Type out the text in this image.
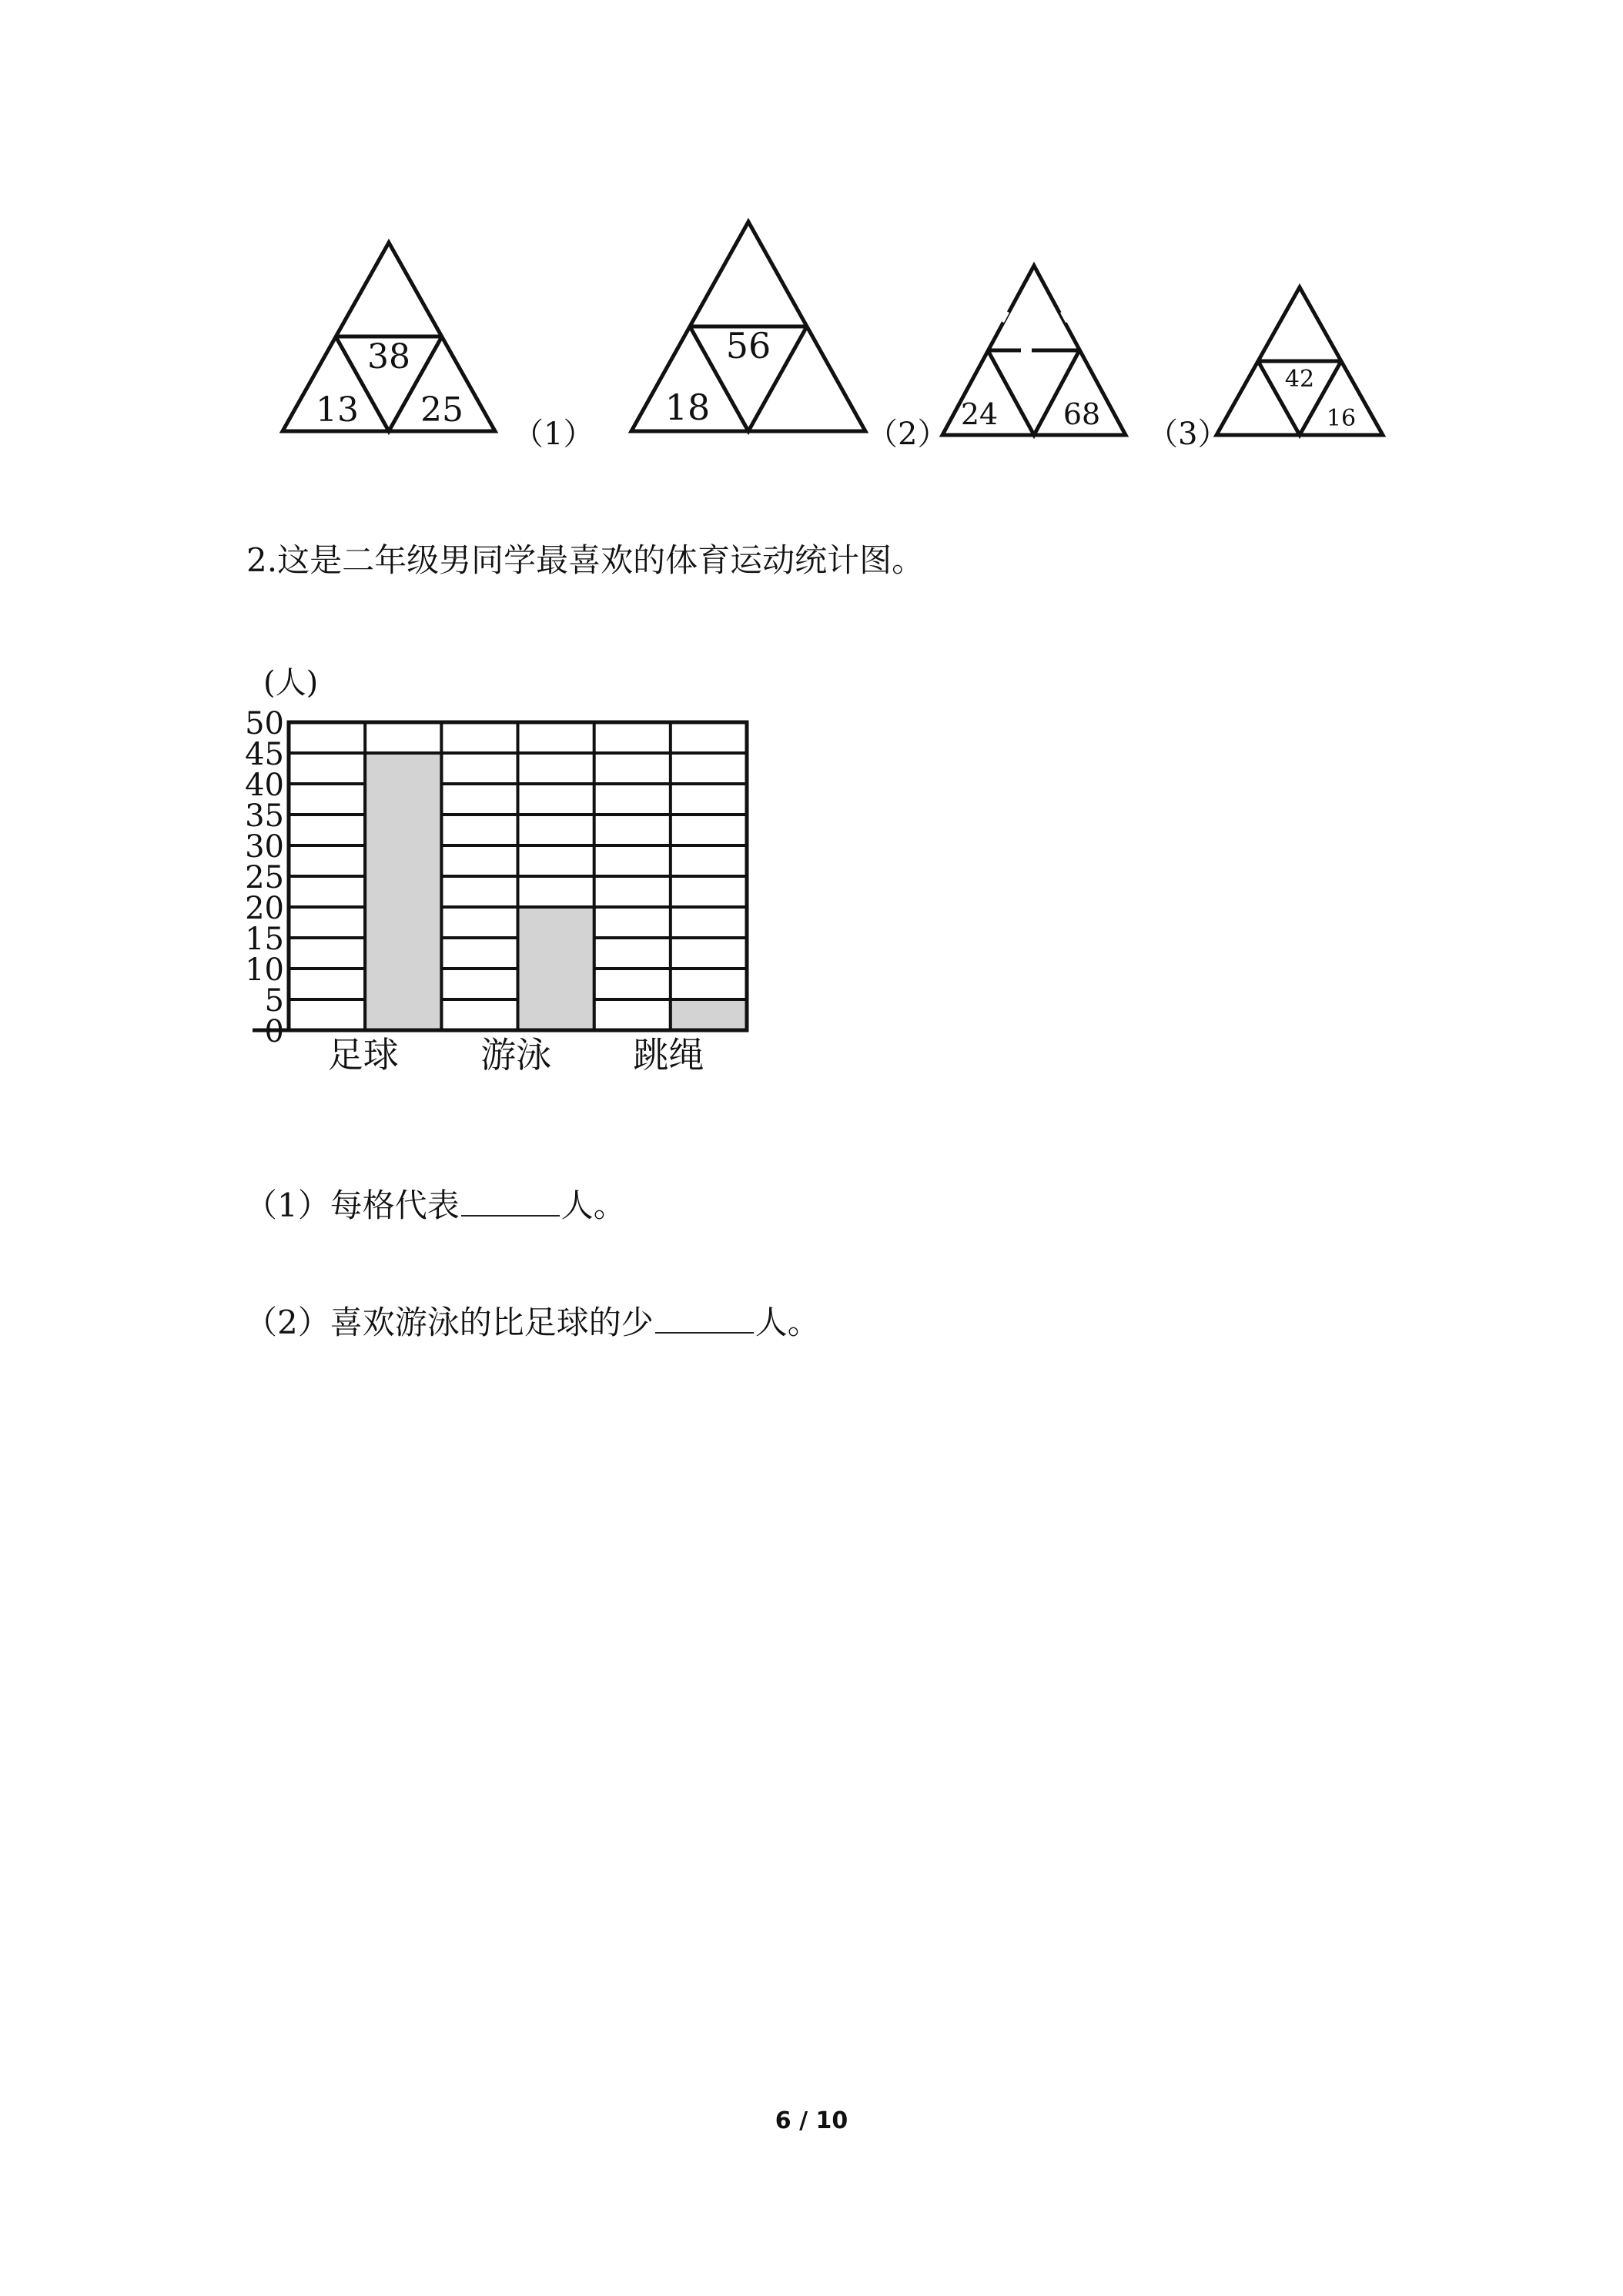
38
13 25
56
18	24 68
42
16
（1）	（2）	（3）
2.这是二年级男同学最喜欢的体育运动统计图。
(人)
0
5
10
15
20
25
30
35
40
45
50
足球 游泳 跳绳
（1）每格代表	人。
（2）喜欢游泳的比足球的少	人。
6 / 10
